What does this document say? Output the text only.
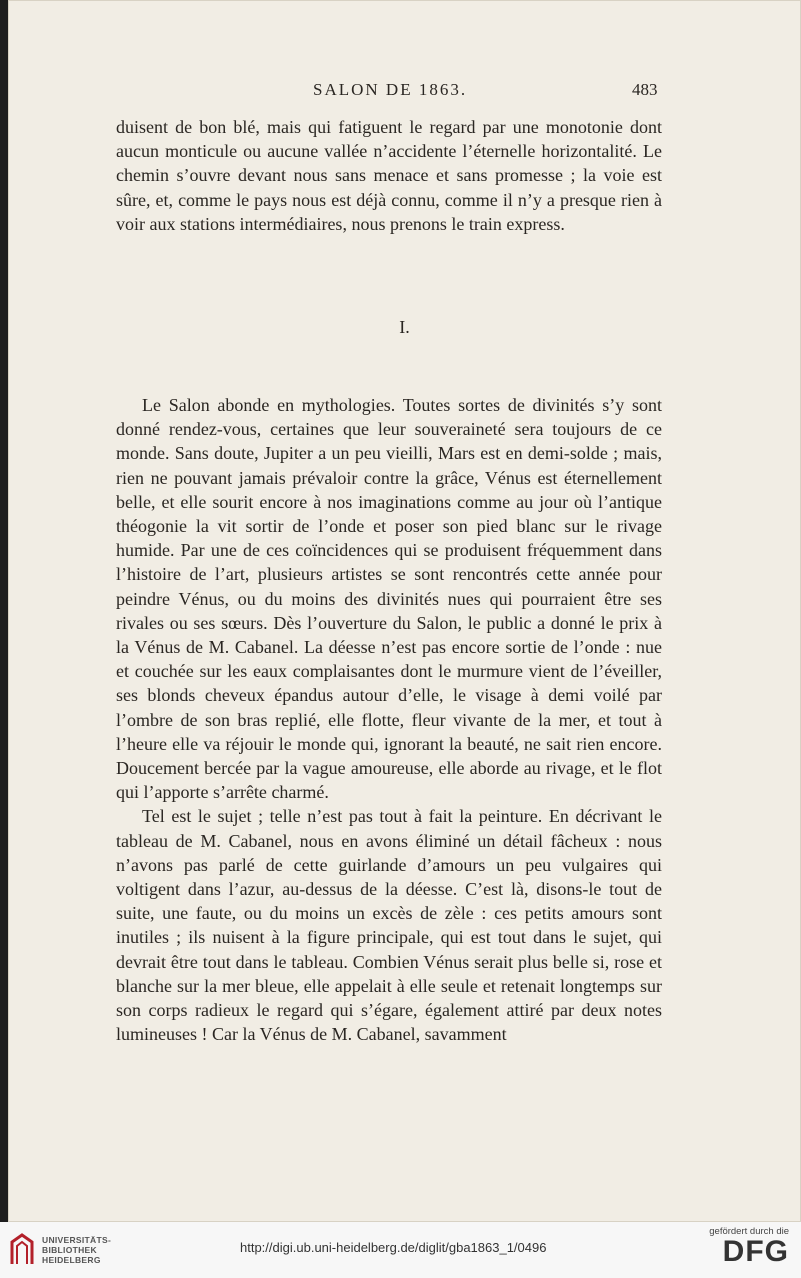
SALON DE 1863.	483

duisent de bon blé, mais qui fatiguent le regard par une monotonie dont aucun monticule ou aucune vallée n’accidente l’éternelle horizontalité. Le chemin s’ouvre devant nous sans menace et sans promesse ; la voie est sûre, et, comme le pays nous est déjà connu, comme il n’y a presque rien à voir aux stations intermédiaires, nous prenons le train express.

I.

Le Salon abonde en mythologies. Toutes sortes de divinités s’y sont donné rendez-vous, certaines que leur souveraineté sera toujours de ce monde. Sans doute, Jupiter a un peu vieilli, Mars est en demi-solde ; mais, rien ne pouvant jamais prévaloir contre la grâce, Vénus est éternellement belle, et elle sourit encore à nos imaginations comme au jour où l’antique théogonie la vit sortir de l’onde et poser son pied blanc sur le rivage humide. Par une de ces coïncidences qui se produisent fréquemment dans l’histoire de l’art, plusieurs artistes se sont rencontrés cette année pour peindre Vénus, ou du moins des divinités nues qui pourraient être ses rivales ou ses sœurs. Dès l’ouverture du Salon, le public a donné le prix à la Vénus de M. Cabanel. La déesse n’est pas encore sortie de l’onde : nue et couchée sur les eaux complaisantes dont le murmure vient de l’éveiller, ses blonds cheveux épandus autour d’elle, le visage à demi voilé par l’ombre de son bras replié, elle flotte, fleur vivante de la mer, et tout à l’heure elle va réjouir le monde qui, ignorant la beauté, ne sait rien encore. Doucement bercée par la vague amoureuse, elle aborde au rivage, et le flot qui l’apporte s’arrête charmé.

Tel est le sujet ; telle n’est pas tout à fait la peinture. En décrivant le tableau de M. Cabanel, nous en avons éliminé un détail fâcheux : nous n’avons pas parlé de cette guirlande d’amours un peu vulgaires qui voltigent dans l’azur, au-dessus de la déesse. C’est là, disons-le tout de suite, une faute, ou du moins un excès de zèle : ces petits amours sont inutiles ; ils nuisent à la figure principale, qui est tout dans le sujet, qui devrait être tout dans le tableau. Combien Vénus serait plus belle si, rose et blanche sur la mer bleue, elle appelait à elle seule et retenait longtemps sur son corps radieux le regard qui s’égare, également attiré par deux notes lumineuses ! Car la Vénus de M. Cabanel, savamment

UNIVERSITÄTS-
BIBLIOTHEK
HEIDELBERG
http://digi.ub.uni-heidelberg.de/diglit/gba1863_1/0496
gefördert durch die
DFG
